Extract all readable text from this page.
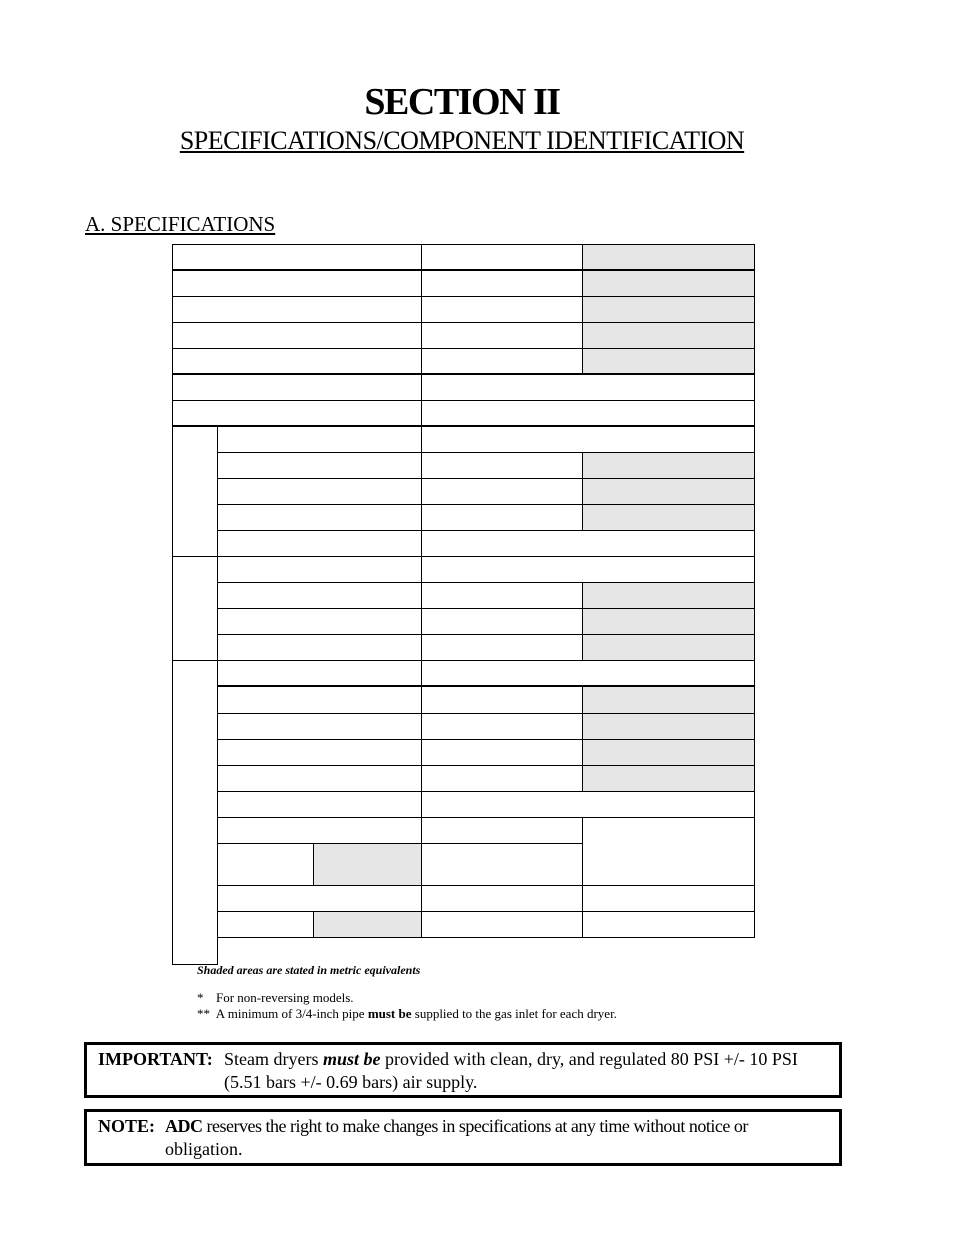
SECTION II
SPECIFICATIONS/COMPONENT IDENTIFICATION
A. SPECIFICATIONS
Shaded areas are stated in metric equivalents
* For non-reversing models.
** A minimum of 3/4-inch pipe must be supplied to the gas inlet for each dryer.
IMPORTANT: Steam dryers must be provided with clean, dry, and regulated 80 PSI +/- 10 PSI
(5.51 bars +/- 0.69 bars) air supply.
NOTE: ADC reserves the right to make changes in specifications at any time without notice or
obligation.
